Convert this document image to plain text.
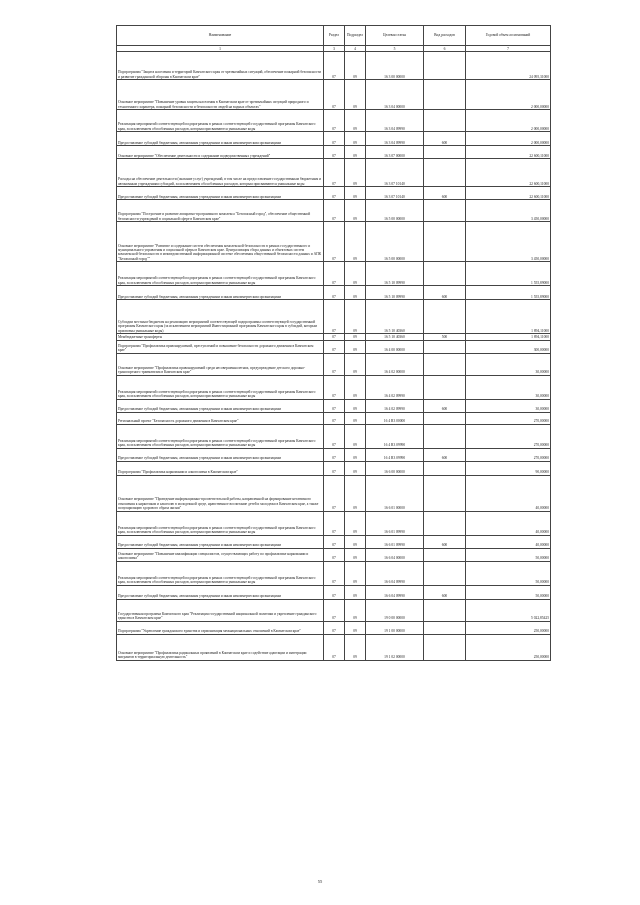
Наименование	Раздел	Подраздел	Целевая статья	Вид расходов	Годовой объем ассигнований
1	3	4	5	6	7
Подпрограмма "Защита населения и территорий Камчатского края от чрезвычайных ситуаций, обеспечение пожарной безопасности и развитие гражданской обороны в Камчатском крае"	07	09	16 3 00 00000		24 095,31000
Основное мероприятие "Повышение уровня защиты населения в Камчатском крае от чрезвычайных ситуаций природного и техногенного характера, пожарной безопасности и безопасности людей на водных объектах"	07	09	16 3 04 00000		2 000,00000
Реализация мероприятий соответствующей подпрограммы в рамках соответствующей государственной программы Камчатского края, за исключением обособленных расходов, которым присваиваются уникальные коды	07	09	16 3 04 09990		2 000,00000
Предоставление субсидий бюджетным, автономным учреждениям и иным некоммерческим организациям	07	09	16 3 04 09990	600	2 000,00000
Основное мероприятие "Обеспечение деятельности и содержание подведомственных учреждений"	07	09	16 3 07 00000		22 600,11000
Расходы на обеспечение деятельности (оказание услуг) учреждений, в том числе на предоставление государственным бюджетным и автономным учреждениям субсидий, за исключением обособленных расходов, которым присваиваются уникальные коды	07	09	16 3 07 10140		22 600,11000
Предоставление субсидий бюджетным, автономным учреждениям и иным некоммерческим организациям	07	09	16 3 07 10140	600	22 600,11000
Подпрограмма "Построение и развитие аппаратно-программного комплекса "Безопасный город", обеспечение общественной безопасности учреждений в социальной сфере в Камчатском крае"	07	09	16 5 00 00000		3 450,00000
Основное мероприятие "Развитие и содержание систем обеспечения комплексной безопасности в рамках государственного и муниципального управления и социальной сферы в Камчатском крае. Централизация сбора данных и объектовых систем комплексной безопасности в межведомственной информационной системе обеспечения общественной безопасности данных и АПК "Безопасный город""	07	09	16 5 00 00000		3 450,00000
Реализация мероприятий соответствующей подпрограммы в рамках соответствующей государственной программы Камчатского края, за исключением обособленных расходов, которым присваиваются уникальные коды	07	09	16 5 10 09990		1 555,89000
Предоставление субсидий бюджетным, автономным учреждениям и иным некоммерческим организациям	07	09	16 5 10 09990	600	1 555,89000
Субсидии местным бюджетам на реализацию мероприятий соответствующей подпрограммы соответствующей государственной программы Камчатского края (за исключением мероприятий Инвестиционной программы Камчатского края в субсидий, которым присвоены уникальные коды)	07	09	16 5 10 40360		1 894,11000
Межбюджетные трансферты	07	09	16 5 10 40360	500	1 894,11000
Подпрограмма "Профилактика правонарушений, преступлений и повышение безопасности дорожного движения в Камчатском крае"	07	09	16 4 00 00000		300,00000
Основное мероприятие "Профилактика правонарушений среди несовершеннолетних, предупреждение детского дорожно-транспортного травматизма в Камчатском крае"	07	09	16 4 02 00000		30,00000
Реализация мероприятий соответствующей подпрограммы в рамках соответствующей государственной программы Камчатского края, за исключением обособленных расходов, которым присваиваются уникальные коды	07	09	16 4 02 09990		30,00000
Предоставление субсидий бюджетным, автономным учреждениям и иным некоммерческим организациям	07	09	16 4 02 09990	600	30,00000
Региональный проект "Безопасность дорожного движения в Камчатском крае"	07	09	16 4 R3 00000		270,00000
Реализация мероприятий соответствующей подпрограммы в рамках соответствующей государственной программы Камчатского края, за исключением обособленных расходов, которым присваиваются уникальные коды	07	09	16 4 R3 09990		270,00000
Предоставление субсидий бюджетным, автономным учреждениям и иным некоммерческим организациям	07	09	16 4 R3 09990	600	270,00000
Подпрограмма "Профилактика наркомании и алкоголизма в Камчатском крае"	07	09	16 6 00 00000		90,00000
Основное мероприятие "Проведение информационно-просветительской работы, направленной на формирование негативного отношения к наркотикам и алкоголю в молодежной среде, нравственное воспитание детей и молодежи в Камчатском крае, а также популяризацию здорового образа жизни"	07	09	16 6 01 00000		40,00000
Реализация мероприятий соответствующей подпрограммы в рамках соответствующей государственной программы Камчатского края, за исключением обособленных расходов, которым присваиваются уникальные коды	07	09	16 6 01 09990		40,00000
Предоставление субсидий бюджетным, автономным учреждениям и иным некоммерческим организациям	07	09	16 6 01 09990	600	40,00000
Основное мероприятие "Повышение квалификации специалистов, осуществляющих работу по профилактике наркомании и алкоголизма"	07	09	16 6 04 00000		50,00000
Реализация мероприятий соответствующей подпрограммы в рамках соответствующей государственной программы Камчатского края, за исключением обособленных расходов, которым присваиваются уникальные коды	07	09	16 6 04 09990		50,00000
Предоставление субсидий бюджетным, автономным учреждениям и иным некоммерческим организациям	07	09	16 6 04 09990	600	50,00000
Государственная программа Камчатского края "Реализация государственной национальной политики и укрепление гражданского единства в Камчатском крае"	07	09	19 0 00 00000		5 022,85425
Подпрограмма "Укрепление гражданского единства и гармонизация межнациональных отношений в Камчатском крае"	07	09	19 1 00 00000		250,00000
Основное мероприятие "Профилактика радикальных проявлений в Камчатском крае и содействие адаптации и интеграции мигрантов в территориальную деятельность"	07	09	19 1 02 00000		250,00000
55
